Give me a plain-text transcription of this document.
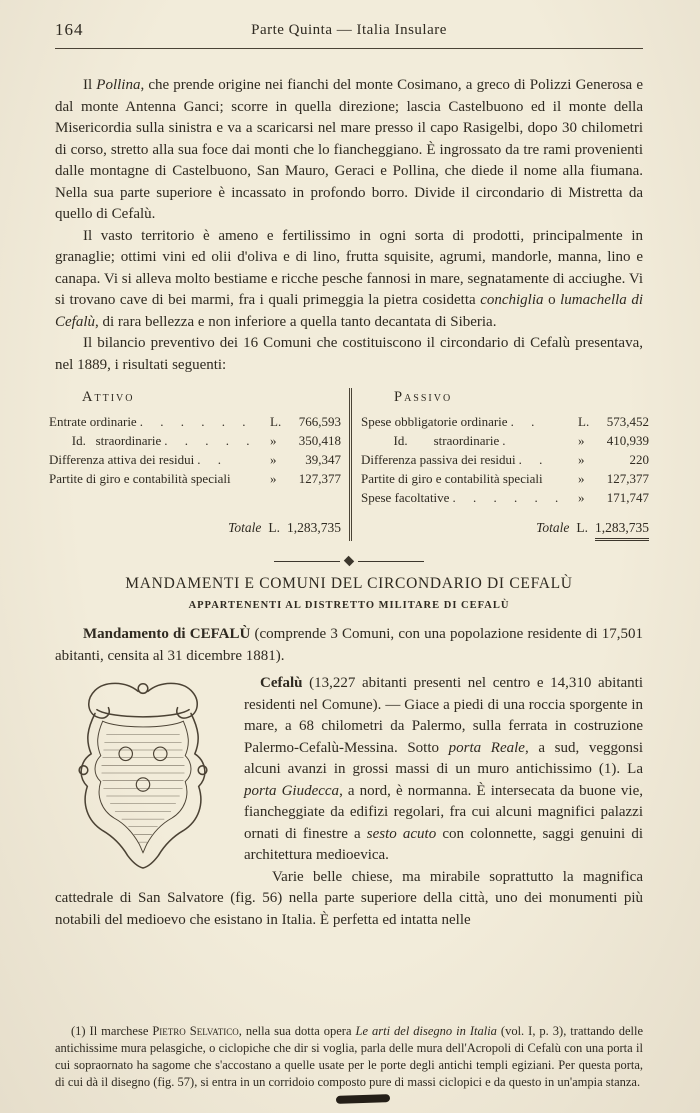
164	Parte Quinta — Italia Insulare

Il Pollina, che prende origine nei fianchi del monte Cosimano, a greco di Polizzi Generosa e dal monte Antenna Ganci; scorre in quella direzione; lascia Castelbuono ed il monte della Misericordia sulla sinistra e va a scaricarsi nel mare presso il capo Rasigelbi, dopo 30 chilometri di corso, stretto alla sua foce dai monti che lo fiancheggiano. È ingrossato da tre rami provenienti dalle montagne di Castelbuono, San Mauro, Geraci e Pollina, che diede il nome alla fiumana. Nella sua parte superiore è incassato in profondo borro. Divide il circondario di Mistretta da quello di Cefalù.

Il vasto territorio è ameno e fertilissimo in ogni sorta di prodotti, principalmente in granaglie; ottimi vini ed olii d'oliva e di lino, frutta squisite, agrumi, mandorle, manna, lino e canapa. Vi si alleva molto bestiame e ricche pesche fannosi in mare, segnatamente di acciughe. Vi si trovano cave di bei marmi, fra i quali primeggia la pietra cosidetta conchiglia o lumachella di Cefalù, di rara bellezza e non inferiore a quella tanto decantata di Siberia.

Il bilancio preventivo dei 16 Comuni che costituiscono il circondario di Cefalù presentava, nel 1889, i risultati seguenti:

Attivo
Entrate ordinarie . . . . . .	L.	766,593
Id.   straordinarie . . . . .	»	350,418
Differenza attiva dei residui . .	»	39,347
Partite di giro e contabilità speciali	»	127,377
Totale L. 1,283,735
Passivo
Spese obbligatorie ordinarie . .	L.	573,452
Id.        straordinarie .	»	410,939
Differenza passiva dei residui . .	»	220
Partite di giro e contabilità speciali	»	127,377
Spese facoltative . . . . . . »	171,747
Totale L. 1,283,735
MANDAMENTI E COMUNI DEL CIRCONDARIO DI CEFALÙ
APPARTENENTI AL DISTRETTO MILITARE DI CEFALÙ

Mandamento di CEFALÙ (comprende 3 Comuni, con una popolazione residente di 17,501 abitanti, censita al 31 dicembre 1881).

Cefalù (13,227 abitanti presenti nel centro e 14,310 abitanti residenti nel Comune). — Giace a piedi di una roccia sporgente in mare, a 68 chilometri da Palermo, sulla ferrata in costruzione Palermo-Cefalù-Messina. Sotto porta Reale, a sud, veggonsi alcuni avanzi in grossi massi di un muro antichissimo (1). La porta Giudecca, a nord, è normanna. È intersecata da buone vie, fiancheggiate da edifizi regolari, fra cui alcuni magnifici palazzi ornati di finestre a sesto acuto con colonnette, saggi genuini di architettura medioevica.

Varie belle chiese, ma mirabile soprattutto la magnifica cattedrale di San Salvatore (fig. 56) nella parte superiore della città, uno dei monumenti più notabili del medioevo che esistano in Italia. È perfetta ed intatta nelle

(1) Il marchese Pietro Selvatico, nella sua dotta opera Le arti del disegno in Italia (vol. I, p. 3), trattando delle antichissime mura pelasgiche, o ciclopiche che dir si voglia, parla delle mura dell'Acropoli di Cefalù con una porta il cui sopraornato ha sagome che s'accostano a quelle usate per le porte degli antichi templi egiziani. Per questa porta, di cui dà il disegno (fig. 57), si entra in un corridoio composto pure di massi ciclopici e da questo in un'ampia stanza.
